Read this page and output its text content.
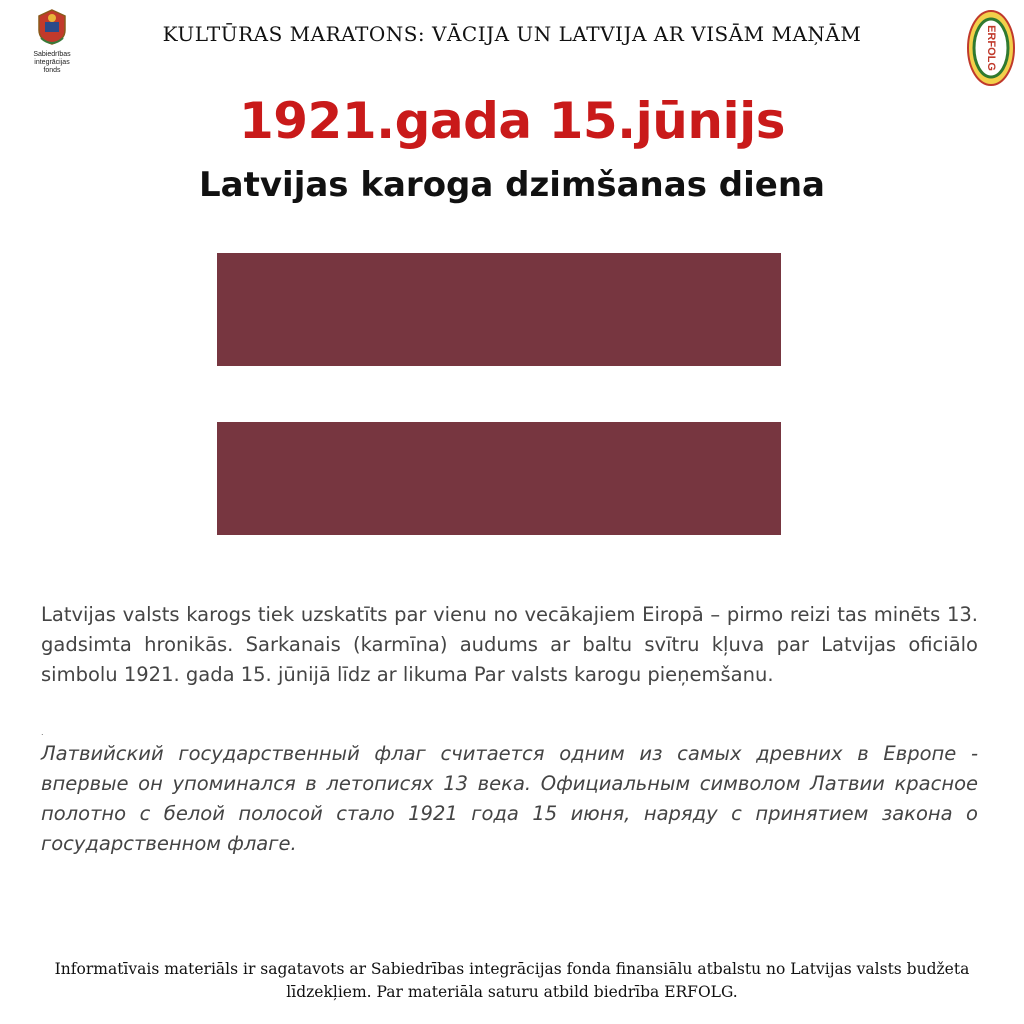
Sabiedrības integrācijas
fonds
KULTŪRAS MARATONS: VĀCIJA UN LATVIJA AR VISĀM MAŅĀM	ERFOLG
1921.gada 15.jūnijs
Latvijas karoga dzimšanas diena
Latvijas valsts karogs tiek uzskatīts par vienu no vecākajiem Eiropā – pirmo reizi tas minēts 13. gadsimta hronikās. Sarkanais (karmīna) audums ar baltu svītru kļuva par Latvijas oficiālo simbolu 1921. gada 15. jūnijā līdz ar likuma Par valsts karogu pieņemšanu.
.
Латвийский государственный флаг считается одним из самых древних в Европе - впервые он упоминался в летописях 13 века. Официальным символом Латвии красное полотно с белой полосой стало 1921 года 15 июня, наряду с принятием закона о государственном флаге.
Informatīvais materiāls ir sagatavots ar Sabiedrības integrācijas fonda finansiālu atbalstu no Latvijas valsts budžeta
līdzekļiem. Par materiāla saturu atbild biedrība ERFOLG.
